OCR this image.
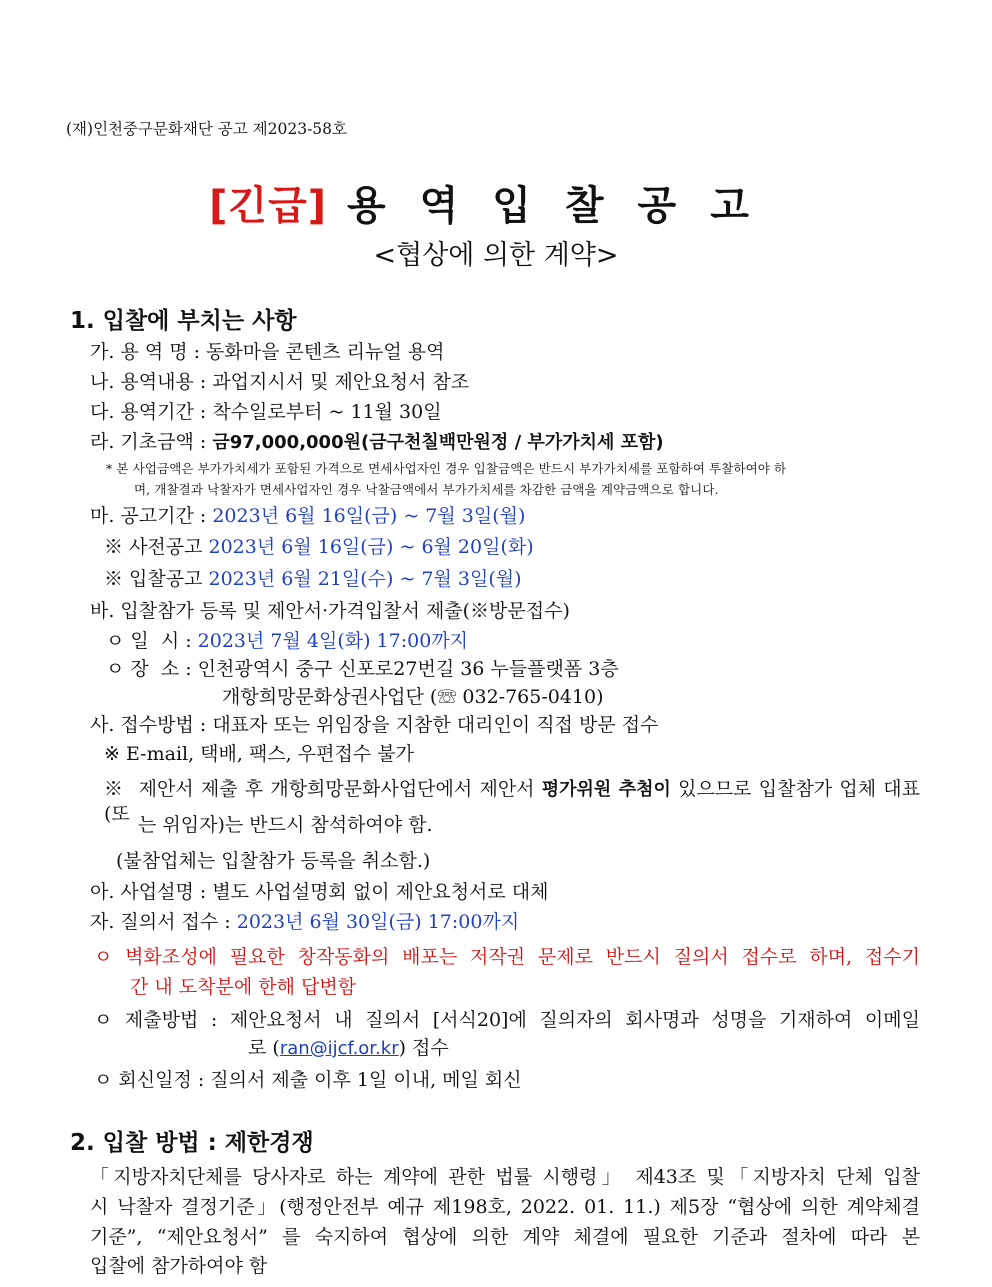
(재)인천중구문화재단 공고 제2023-58호
[긴급] 용역입찰공고
<협상에 의한 계약>
1. 입찰에 부치는 사항
가. 용 역 명 : 동화마을 콘텐츠 리뉴얼 용역
나. 용역내용 : 과업지시서 및 제안요청서 참조
다. 용역기간 : 착수일로부터 ~ 11월 30일
라. 기초금액 : 금97,000,000원(금구천칠백만원정 / 부가가치세 포함)
* 본 사업금액은 부가가치세가 포함된 가격으로 면세사업자인 경우 입찰금액은 반드시 부가가치세를 포함하여 투찰하여야 하
며, 개찰결과 낙찰자가 면세사업자인 경우 낙찰금액에서 부가가치세를 차감한 금액을 계약금액으로 합니다.
마. 공고기간 : 2023년 6월 16일(금) ~ 7월 3일(월)
※ 사전공고 2023년 6월 16일(금) ~ 6월 20일(화)
※ 입찰공고 2023년 6월 21일(수) ~ 7월 3일(월)
바. 입찰참가 등록 및 제안서·가격입찰서 제출(※방문접수)
ㅇ 일  시 : 2023년 7월 4일(화) 17:00까지
ㅇ 장  소 : 인천광역시 중구 신포로27번길 36 누들플랫폼 3층
개항희망문화상권사업단 (☏ 032-765-0410)
사. 접수방법 : 대표자 또는 위임장을 지참한 대리인이 직접 방문 접수
※ E-mail, 택배, 팩스, 우편접수 불가
※  제안서 제출 후 개항희망문화사업단에서 제안서 평가위원 추첨이 있으므로 입찰참가 업체 대표(또 는 위임자)는 반드시 참석하여야 함.
(불참업체는 입찰참가 등록을 취소함.)
아. 사업설명 : 별도 사업설명회 없이 제안요청서로 대체
자. 질의서 접수 : 2023년 6월 30일(금) 17:00까지
ㅇ 벽화조성에 필요한 창작동화의 배포는 저작권 문제로 반드시 질의서 접수로 하며, 접수기
간 내 도착분에 한해 답변함
ㅇ 제출방법 : 제안요청서 내 질의서 [서식20]에 질의자의 회사명과 성명을 기재하여 이메일
로 (ran@ijcf.or.kr) 접수
ㅇ 회신일정 : 질의서 제출 이후 1일 이내, 메일 회신
2. 입찰 방법 : 제한경쟁
「지방자치단체를 당사자로 하는 계약에 관한 법률 시행령」 제43조 및「지방자치 단체 입찰
시 낙찰자 결정기준」(행정안전부 예규 제198호, 2022. 01. 11.) 제5장 “협상에 의한 계약체결
기준”, “제안요청서” 를 숙지하여 협상에 의한 계약 체결에 필요한 기준과 절차에 따라 본
입찰에 참가하여야 함
